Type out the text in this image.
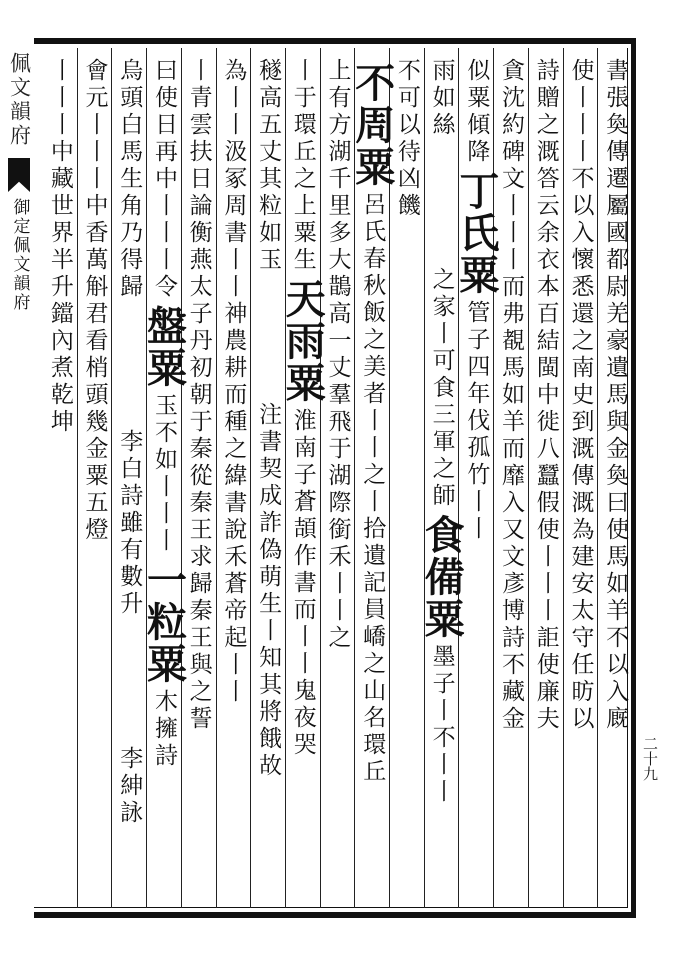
佩文韻府
御定佩文韻府	書張奐傳遷屬國都尉羌豪遺馬與金奐曰使馬如羊不以入廐
使丨丨丨不以入懷悉還之南史到溉傳溉為建安太守任昉以
詩贈之溉答云余衣本百結閩中徙八蠶假使丨丨丨詎使廉夫
貪沈約碑文丨丨丨而弗覩馬如羊而靡入又文彥博詩不藏金
似粟傾降
丁氏粟
管子四年伐孤竹丨丨
雨如絲
之家丨可食三軍之師
食備粟
墨子丨不丨丨
不可以待凶饑
不周粟
呂氏春秋飯之美者丨丨之丨拾遺記員嶠之山名環丘
上有方湖千里多大鵲高一丈羣飛于湖際銜禾丨丨之
丨于環丘之上粟生
天雨粟
淮南子蒼頡作書而丨丨鬼夜哭
穟高五丈其粒如玉
注書契成詐偽萌生丨知其將餓故
為丨丨汲冢周書丨丨神農耕而種之緯書說禾蒼帝起丨丨
丨青雲扶日論衡燕太子丹初朝于秦從秦王求歸秦王與之誓
曰使日再中丨丨丨令
盤粟
玉不如丨丨丨
一粒粟
木擁詩
烏頭白馬生角乃得歸
李白詩雖有數升
李紳詠
會元丨丨丨中香萬斛君看梢頭幾金粟五燈
丨丨丨中藏世界半升鐺內煮乾坤
二十九
